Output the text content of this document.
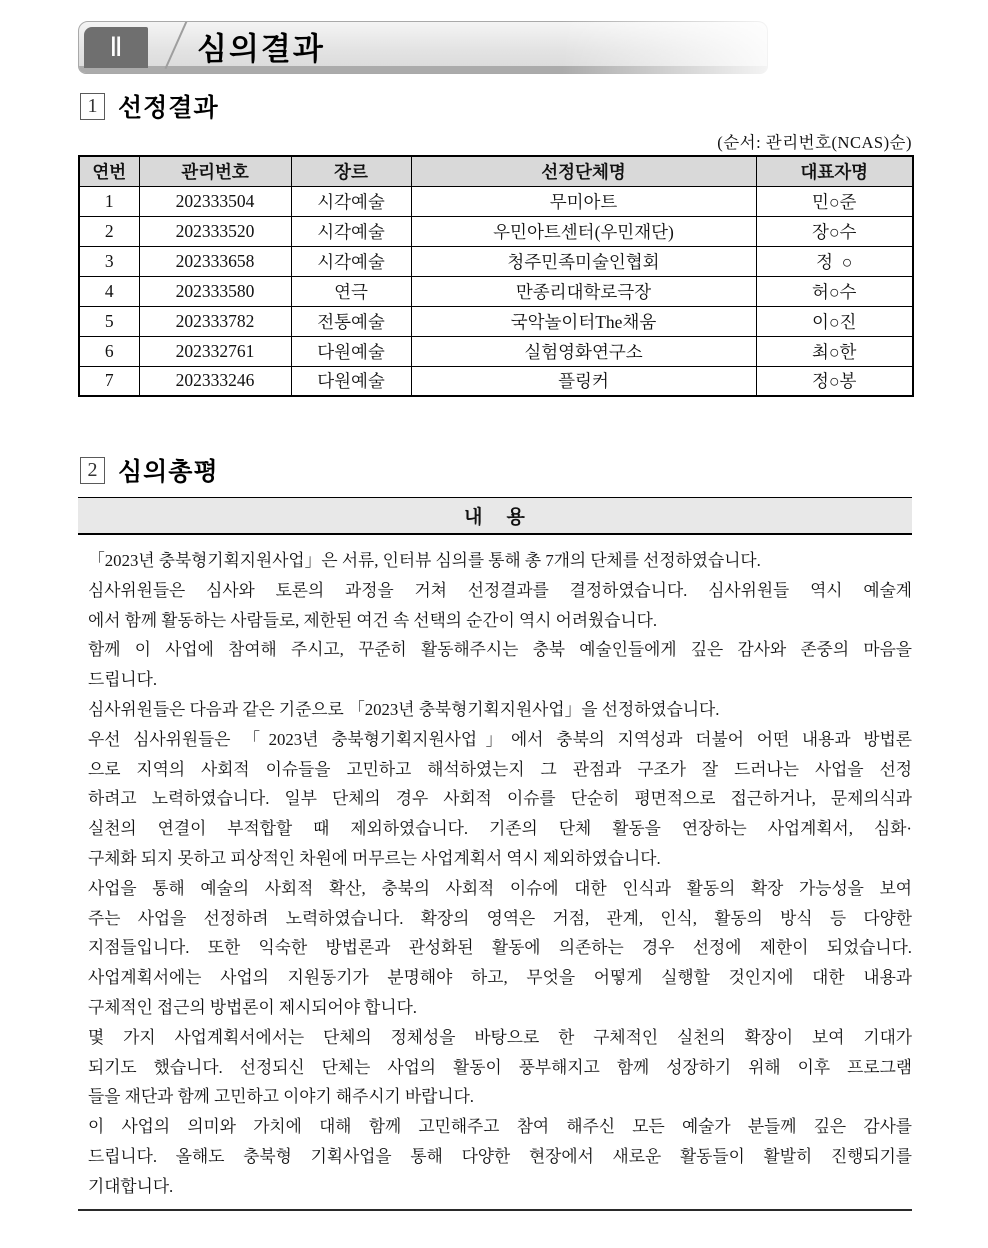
Ⅱ 심의결과
1 선정결과
(순서: 관리번호(NCAS)순)
연번	관리번호	장르	선정단체명	대표자명
1	202333504	시각예술	무미아트	민○준
2	202333520	시각예술	우민아트센터(우민재단)	장○수
3	202333658	시각예술	청주민족미술인협회	정  ○
4	202333580	연극	만종리대학로극장	허○수
5	202333782	전통예술	국악놀이터The채움	이○진
6	202332761	다원예술	실험영화연구소	최○한
7	202333246	다원예술	플링커	정○봉
2 심의총평
내    용
「2023년 충북형기획지원사업」은 서류, 인터뷰 심의를 통해 총 7개의 단체를 선정하였습니다.
심사위원들은 심사와 토론의 과정을 거쳐 선정결과를 결정하였습니다. 심사위원들 역시 예술계
에서 함께 활동하는 사람들로, 제한된 여건 속 선택의 순간이 역시 어려웠습니다.
함께 이 사업에 참여해 주시고, 꾸준히 활동해주시는 충북 예술인들에게 깊은 감사와 존중의 마음을
드립니다.
심사위원들은 다음과 같은 기준으로 「2023년 충북형기획지원사업」을 선정하였습니다.
우선 심사위원들은 「2023년 충북형기획지원사업」에서 충북의 지역성과 더불어 어떤 내용과 방법론
으로 지역의 사회적 이슈들을 고민하고 해석하였는지 그 관점과 구조가 잘 드러나는 사업을 선정
하려고 노력하였습니다. 일부 단체의 경우 사회적 이슈를 단순히 평면적으로 접근하거나, 문제의식과
실천의 연결이 부적합할 때 제외하였습니다. 기존의 단체 활동을 연장하는 사업계획서, 심화·
구체화 되지 못하고 피상적인 차원에 머무르는 사업계획서 역시 제외하였습니다.
사업을 통해 예술의 사회적 확산, 충북의 사회적 이슈에 대한 인식과 활동의 확장 가능성을 보여
주는 사업을 선정하려 노력하였습니다. 확장의 영역은 거점, 관계, 인식, 활동의 방식 등 다양한
지점들입니다. 또한 익숙한 방법론과 관성화된 활동에 의존하는 경우 선정에 제한이 되었습니다.
사업계획서에는 사업의 지원동기가 분명해야 하고, 무엇을 어떻게 실행할 것인지에 대한 내용과
구체적인 접근의 방법론이 제시되어야 합니다.
몇 가지 사업계획서에서는 단체의 정체성을 바탕으로 한 구체적인 실천의 확장이 보여 기대가
되기도 했습니다. 선정되신 단체는 사업의 활동이 풍부해지고 함께 성장하기 위해 이후 프로그램
들을 재단과 함께 고민하고 이야기 해주시기 바랍니다.
이 사업의 의미와 가치에 대해 함께 고민해주고 참여 해주신 모든 예술가 분들께 깊은 감사를
드립니다. 올해도 충북형 기획사업을 통해 다양한 현장에서 새로운 활동들이 활발히 진행되기를
기대합니다.
